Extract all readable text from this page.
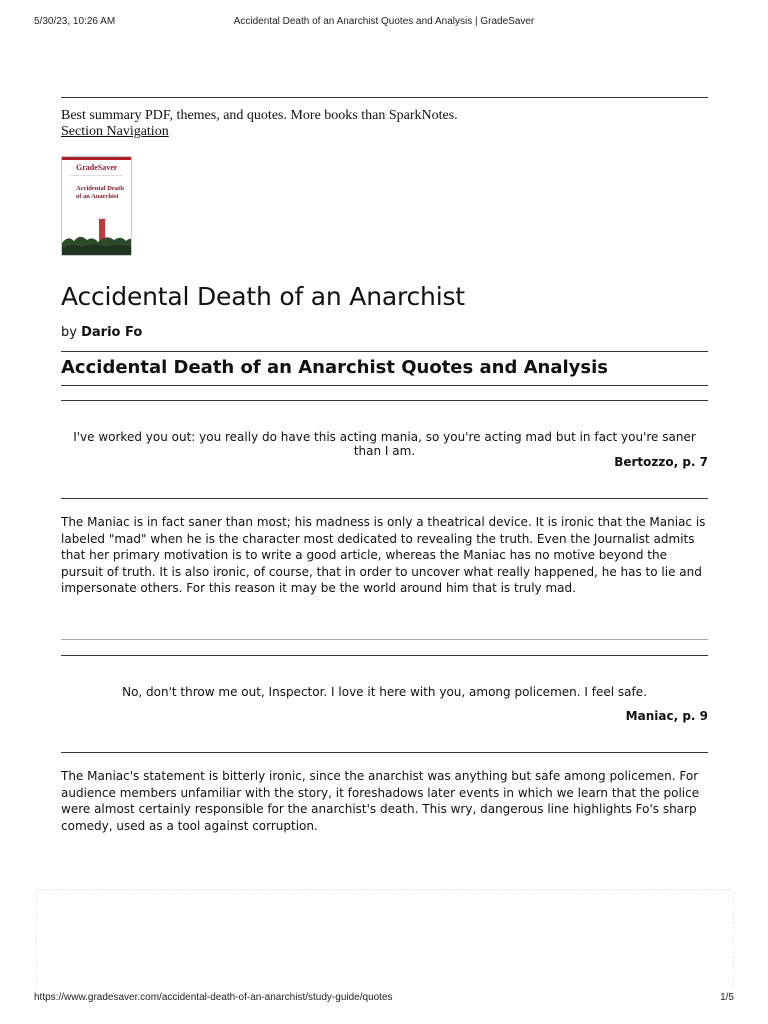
5/30/23, 10:26 AM	Accidental Death of an Anarchist Quotes and Analysis | GradeSaver
Best summary PDF, themes, and quotes. More books than SparkNotes.
Section Navigation
GradeSaver
Accidental Death of an Anarchist
Accidental Death of an Anarchist
by Dario Fo
Accidental Death of an Anarchist Quotes and Analysis
I've worked you out: you really do have this acting mania, so you're acting mad but in fact you're saner than I am.
Bertozzo, p. 7
The Maniac is in fact saner than most; his madness is only a theatrical device. It is ironic that the Maniac is labeled "mad" when he is the character most dedicated to revealing the truth. Even the Journalist admits that her primary motivation is to write a good article, whereas the Maniac has no motive beyond the pursuit of truth. It is also ironic, of course, that in order to uncover what really happened, he has to lie and impersonate others. For this reason it may be the world around him that is truly mad.
No, don't throw me out, Inspector. I love it here with you, among policemen. I feel safe.
Maniac, p. 9
The Maniac's statement is bitterly ironic, since the anarchist was anything but safe among policemen. For audience members unfamiliar with the story, it foreshadows later events in which we learn that the police were almost certainly responsible for the anarchist's death. This wry, dangerous line highlights Fo's sharp comedy, used as a tool against corruption.
https://www.gradesaver.com/accidental-death-of-an-anarchist/study-guide/quotes	1/5
